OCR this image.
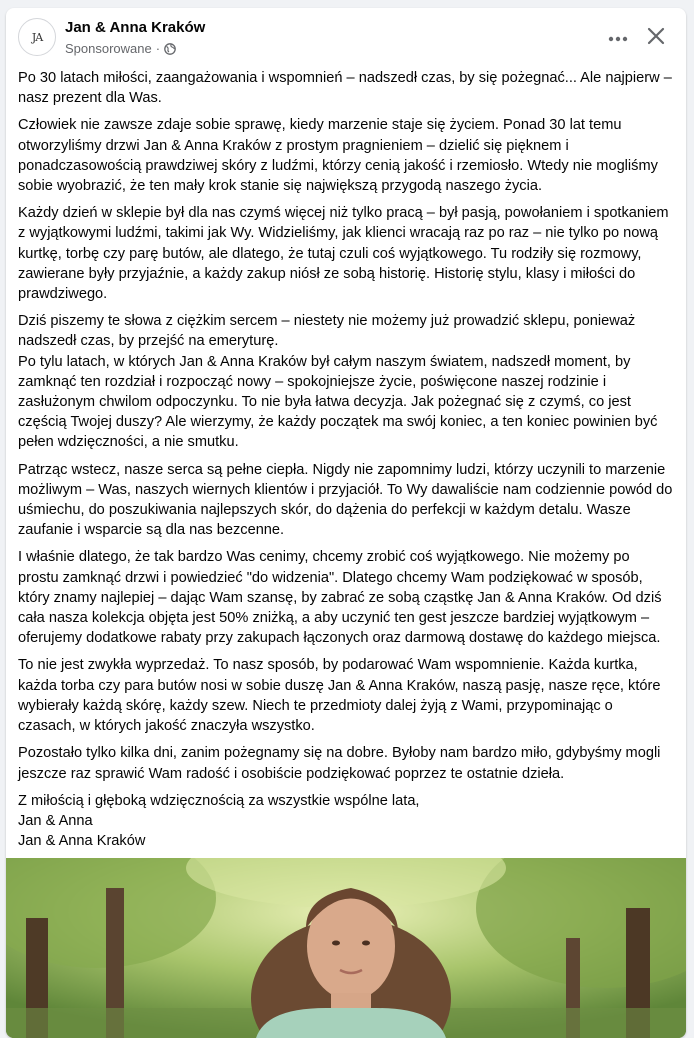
JA
Jan & Anna Kraków
Sponsorowane ·

Po 30 latach miłości, zaangażowania i wspomnień – nadszedł czas, by się pożegnać... Ale najpierw – nasz prezent dla Was.

Człowiek nie zawsze zdaje sobie sprawę, kiedy marzenie staje się życiem. Ponad 30 lat temu otworzyliśmy drzwi Jan & Anna Kraków z prostym pragnieniem – dzielić się pięknem i ponadczasowością prawdziwej skóry z ludźmi, którzy cenią jakość i rzemiosło. Wtedy nie mogliśmy sobie wyobrazić, że ten mały krok stanie się największą przygodą naszego życia.

Każdy dzień w sklepie był dla nas czymś więcej niż tylko pracą – był pasją, powołaniem i spotkaniem z wyjątkowymi ludźmi, takimi jak Wy. Widzieliśmy, jak klienci wracają raz po raz – nie tylko po nową kurtkę, torbę czy parę butów, ale dlatego, że tutaj czuli coś wyjątkowego. Tu rodziły się rozmowy, zawierane były przyjaźnie, a każdy zakup niósł ze sobą historię. Historię stylu, klasy i miłości do prawdziwego.

Dziś piszemy te słowa z ciężkim sercem – niestety nie możemy już prowadzić sklepu, ponieważ nadszedł czas, by przejść na emeryturę.

Po tylu latach, w których Jan & Anna Kraków był całym naszym światem, nadszedł moment, by zamknąć ten rozdział i rozpocząć nowy – spokojniejsze życie, poświęcone naszej rodzinie i zasłużonym chwilom odpoczynku. To nie była łatwa decyzja. Jak pożegnać się z czymś, co jest częścią Twojej duszy? Ale wierzymy, że każdy początek ma swój koniec, a ten koniec powinien być pełen wdzięczności, a nie smutku.

Patrząc wstecz, nasze serca są pełne ciepła. Nigdy nie zapomnimy ludzi, którzy uczynili to marzenie możliwym – Was, naszych wiernych klientów i przyjaciół. To Wy dawaliście nam codziennie powód do uśmiechu, do poszukiwania najlepszych skór, do dążenia do perfekcji w każdym detalu. Wasze zaufanie i wsparcie są dla nas bezcenne.

I właśnie dlatego, że tak bardzo Was cenimy, chcemy zrobić coś wyjątkowego. Nie możemy po prostu zamknąć drzwi i powiedzieć "do widzenia". Dlatego chcemy Wam podziękować w sposób, który znamy najlepiej – dając Wam szansę, by zabrać ze sobą cząstkę Jan & Anna Kraków. Od dziś cała nasza kolekcja objęta jest 50% zniżką, a aby uczynić ten gest jeszcze bardziej wyjątkowym – oferujemy dodatkowe rabaty przy zakupach łączonych oraz darmową dostawę do każdego miejsca.

To nie jest zwykła wyprzedaż. To nasz sposób, by podarować Wam wspomnienie. Każda kurtka, każda torba czy para butów nosi w sobie duszę Jan & Anna Kraków, naszą pasję, nasze ręce, które wybierały każdą skórę, każdy szew. Niech te przedmioty dalej żyją z Wami, przypominając o czasach, w których jakość znaczyła wszystko.

Pozostało tylko kilka dni, zanim pożegnamy się na dobre. Byłoby nam bardzo miło, gdybyśmy mogli jeszcze raz sprawić Wam radość i osobiście podziękować poprzez te ostatnie dzieła.

Z miłością i głęboką wdzięcznością za wszystkie wspólne lata,
Jan & Anna
Jan & Anna Kraków
